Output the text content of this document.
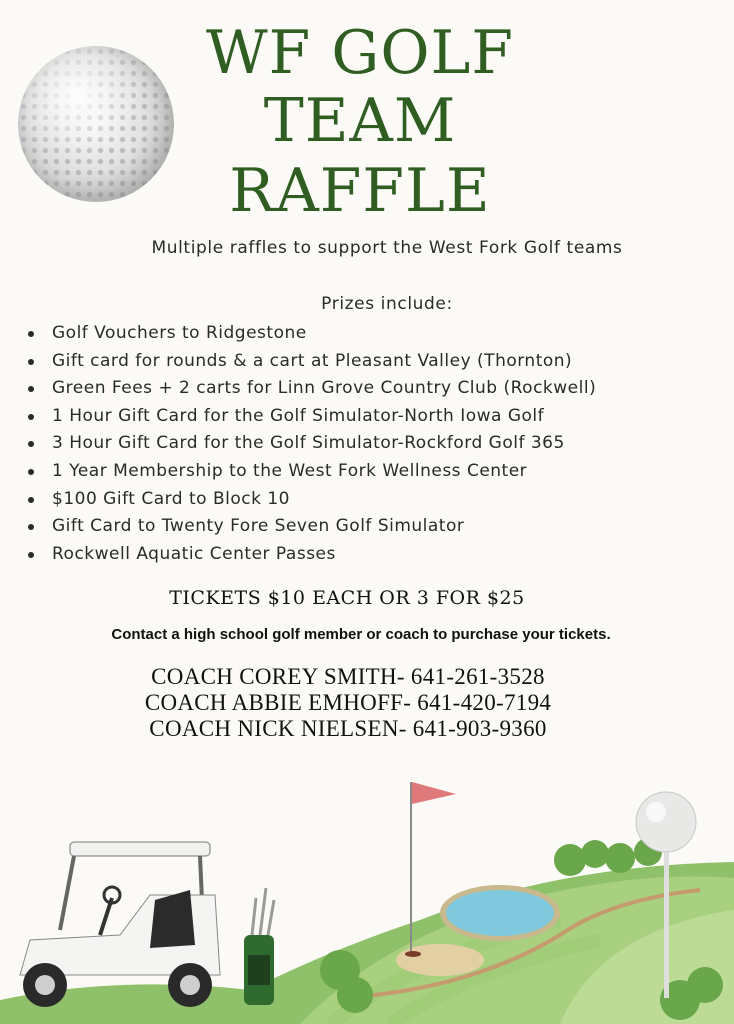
WF GOLF
TEAM
RAFFLE
Multiple raffles to support the West Fork Golf teams
Prizes include:
Golf Vouchers to Ridgestone
Gift card for rounds & a cart at Pleasant Valley (Thornton)
Green Fees + 2 carts for Linn Grove Country Club (Rockwell)
1 Hour Gift Card for the Golf Simulator-North Iowa Golf
3 Hour Gift Card for the Golf Simulator-Rockford Golf 365
1 Year Membership to the West Fork Wellness Center
$100 Gift Card to Block 10
Gift Card to Twenty Fore Seven Golf Simulator
Rockwell Aquatic Center Passes
TICKETS $10 EACH OR 3 FOR $25
Contact a high school golf member or coach to purchase your tickets.
COACH COREY SMITH- 641-261-3528
COACH ABBIE EMHOFF- 641-420-7194
COACH NICK NIELSEN- 641-903-9360
